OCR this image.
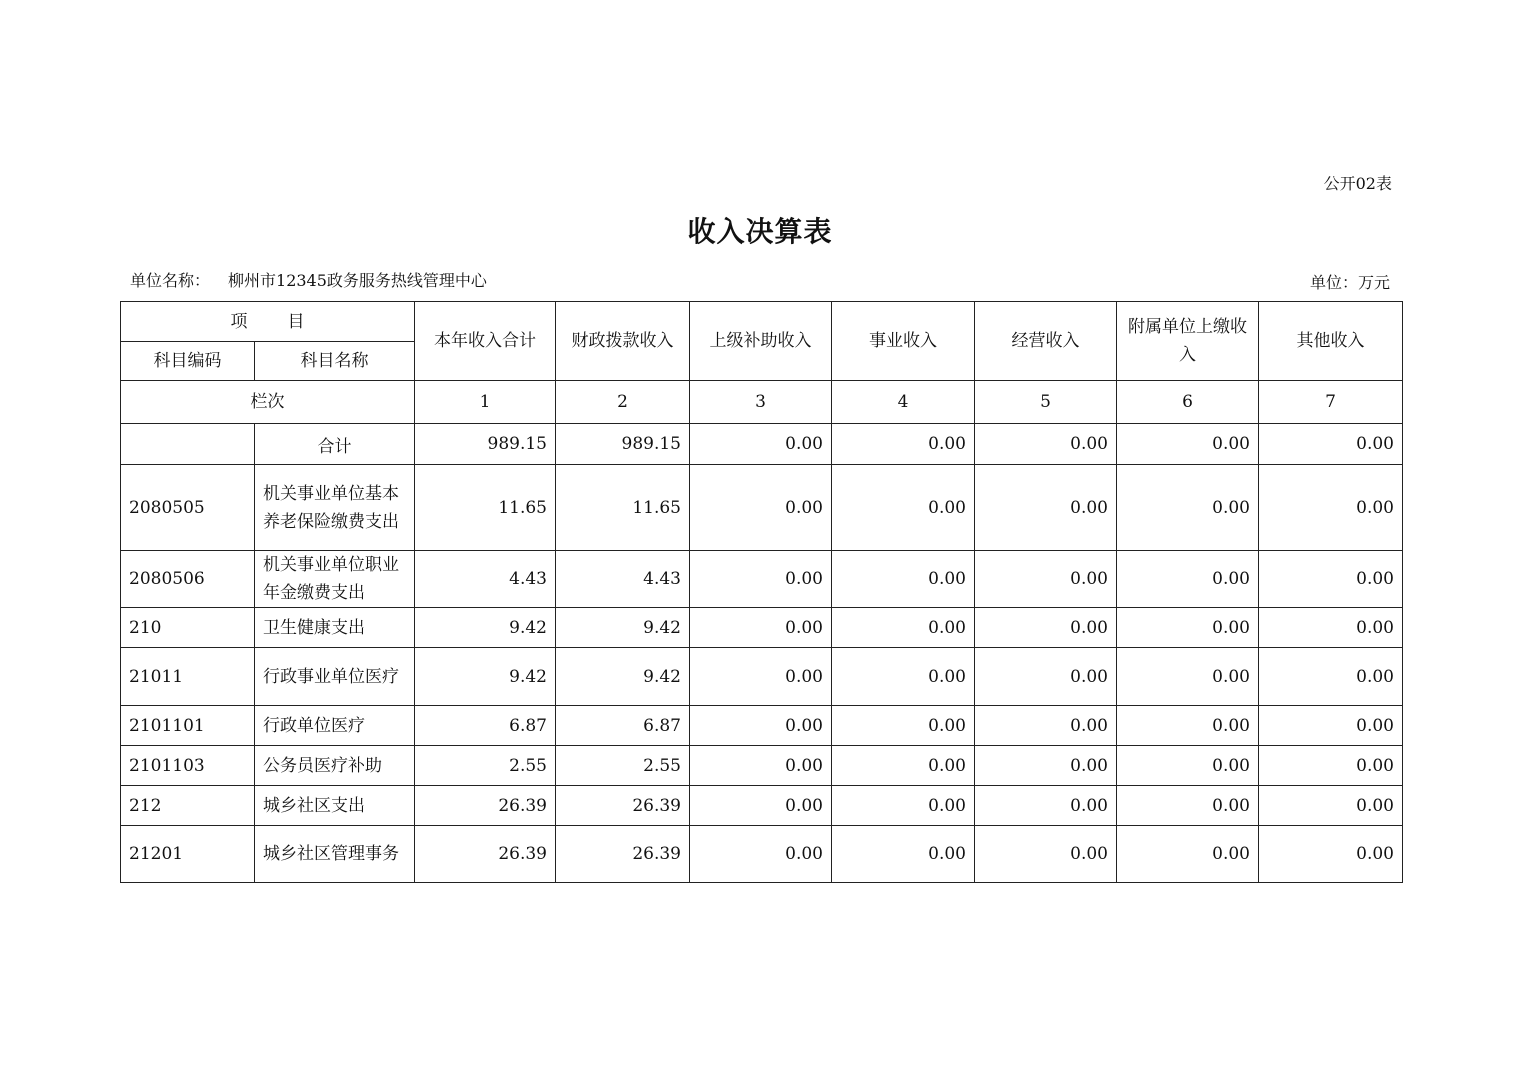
公开02表
收入决算表
单位名称： 柳州市12345政务服务热线管理中心	单位：万元
项 目		本年收入合计	财政拨款收入	上级补助收入	事业收入	经营收入	附属单位上缴收入	其他收入
科目编码	科目名称							
栏次		1	2	3	4	5	6	7
	合计	989.15	989.15	0.00	0.00	0.00	0.00	0.00
2080505	机关事业单位基本养老保险缴费支出	11.65	11.65	0.00	0.00	0.00	0.00	0.00
2080506	机关事业单位职业年金缴费支出	4.43	4.43	0.00	0.00	0.00	0.00	0.00
210	卫生健康支出	9.42	9.42	0.00	0.00	0.00	0.00	0.00
21011	行政事业单位医疗	9.42	9.42	0.00	0.00	0.00	0.00	0.00
2101101	行政单位医疗	6.87	6.87	0.00	0.00	0.00	0.00	0.00
2101103	公务员医疗补助	2.55	2.55	0.00	0.00	0.00	0.00	0.00
212	城乡社区支出	26.39	26.39	0.00	0.00	0.00	0.00	0.00
21201	城乡社区管理事务	26.39	26.39	0.00	0.00	0.00	0.00	0.00
